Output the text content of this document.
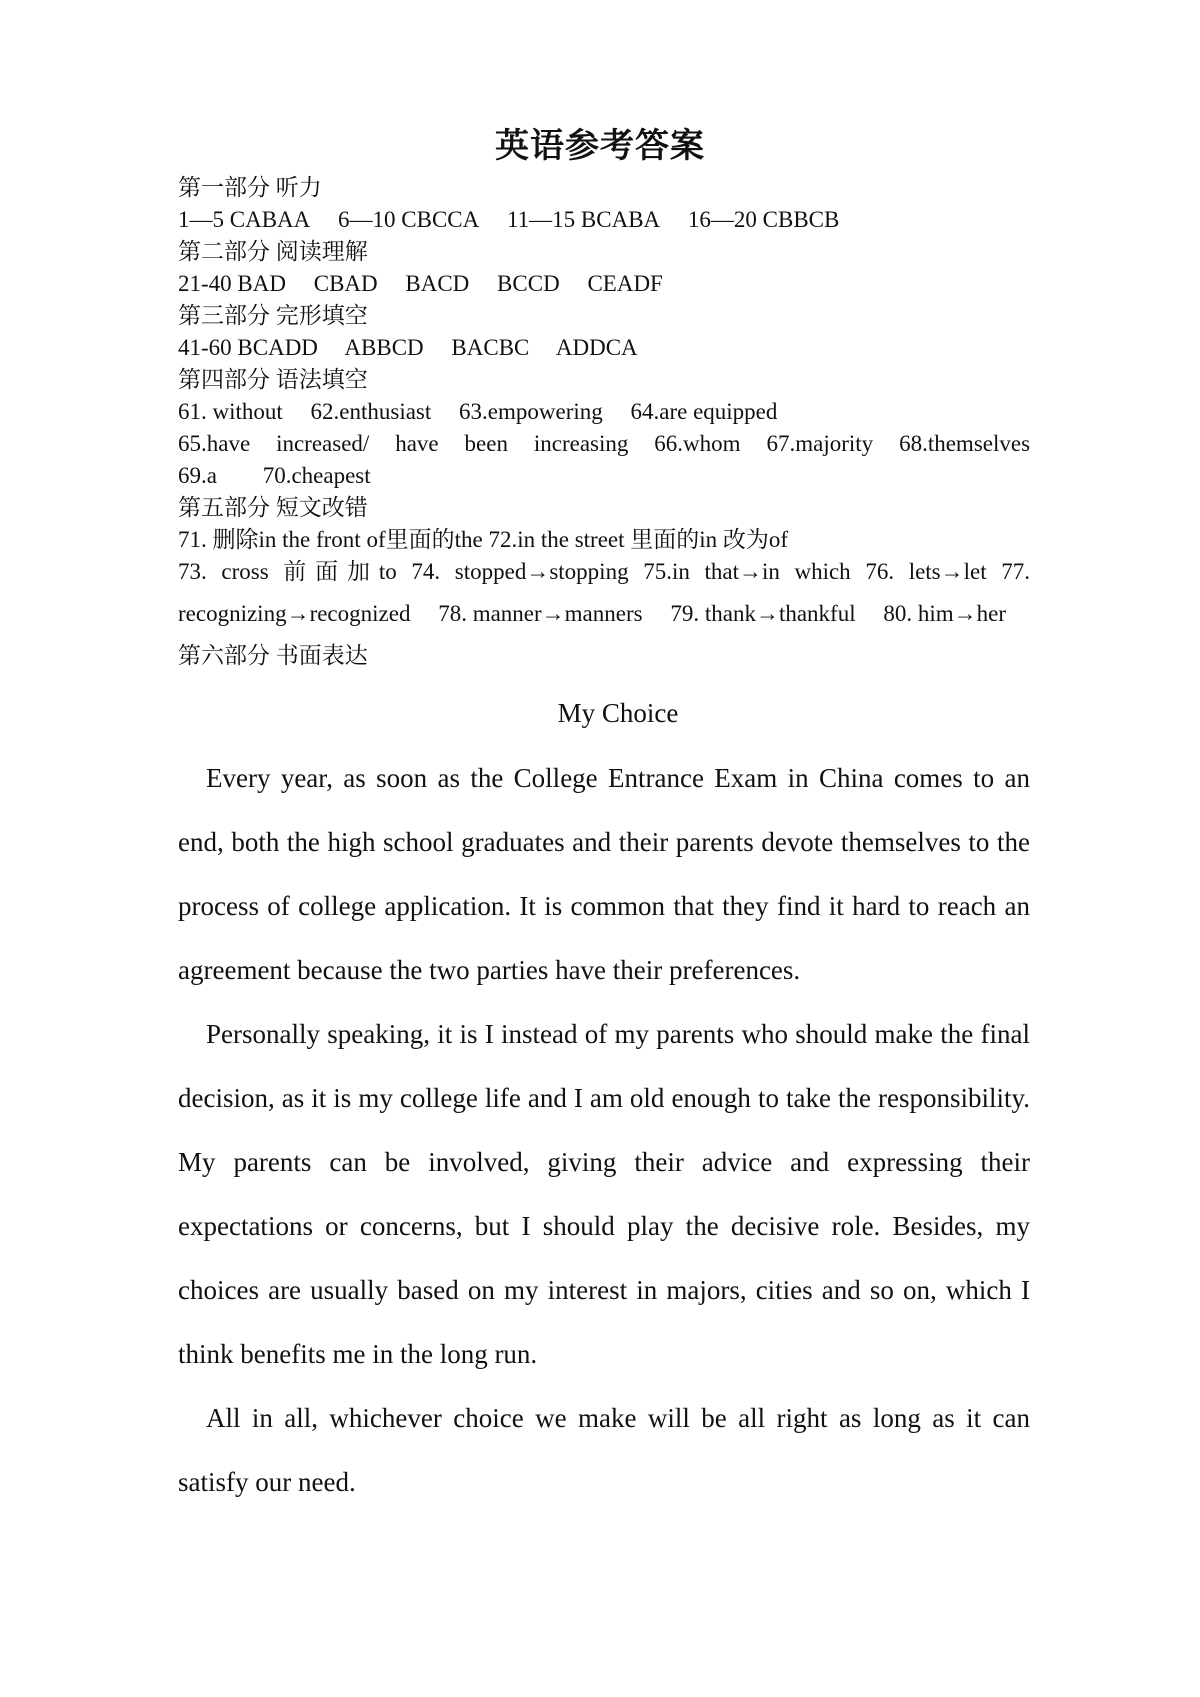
英语参考答案
第一部分 听力
1—5 CABAA 6—10 CBCCA 11—15 BCABA 16—20 CBBCB
第二部分 阅读理解
21-40 BAD CBAD BACD BCCD CEADF
第三部分 完形填空
41-60 BCADD ABBCD BACBC ADDCA
第四部分 语法填空
61. without 62.enthusiast 63.empowering 64.are equipped
65.have increased/ have been increasing 66.whom 67.majority 68.themselves
69.a 70.cheapest
第五部分 短文改错
71. 删除in the front of里面的the 72.in the street 里面的in 改为of
73. cross 前面加to 74. stopped→stopping 75.in that→in which 76. lets→let 77.
recognizing→recognized 78. manner→manners 79. thank→thankful 80. him→her
第六部分 书面表达
My Choice

Every year, as soon as the College Entrance Exam in China comes to an end, both the high school graduates and their parents devote themselves to the process of college application. It is common that they find it hard to reach an agreement because the two parties have their preferences.

Personally speaking, it is I instead of my parents who should make the final decision, as it is my college life and I am old enough to take the responsibility. My parents can be involved, giving their advice and expressing their expectations or concerns, but I should play the decisive role. Besides, my choices are usually based on my interest in majors, cities and so on, which I think benefits me in the long run.

All in all, whichever choice we make will be all right as long as it can satisfy our need.
